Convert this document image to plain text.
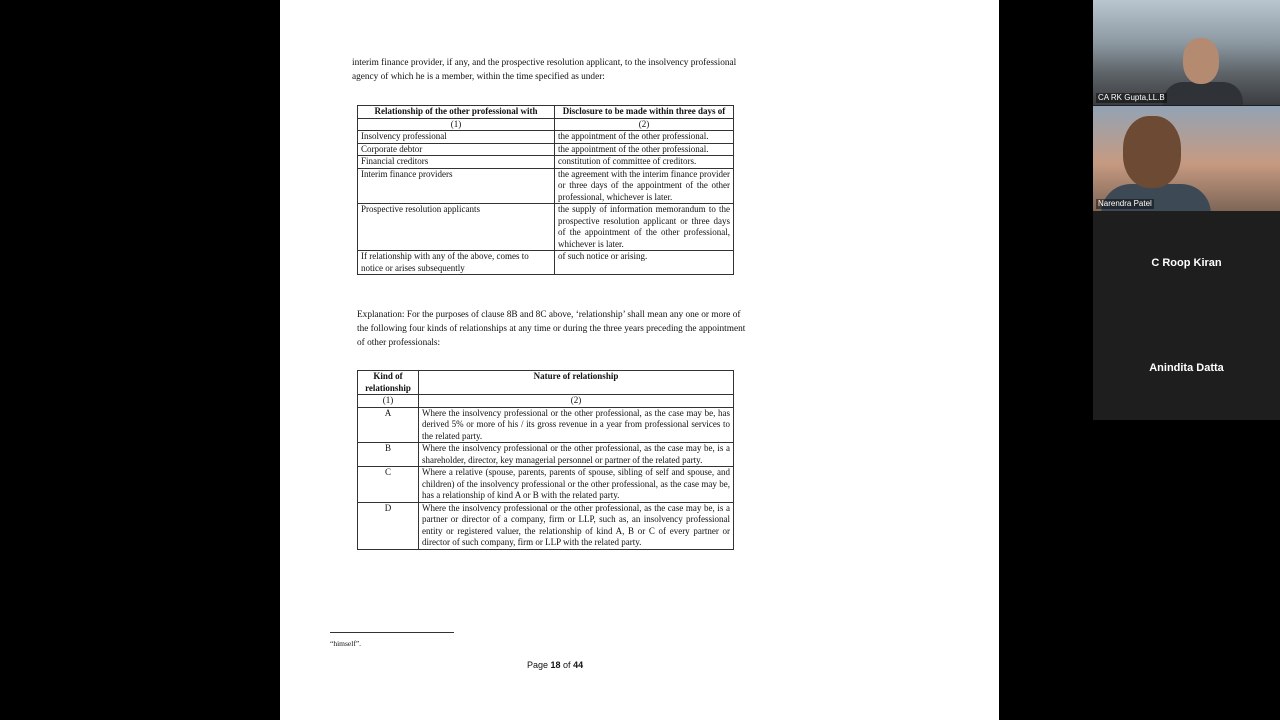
interim finance provider, if any, and the prospective resolution applicant, to the insolvency professional agency of which he is a member, within the time specified as under:
Relationship of the other professional with	Disclosure to be made within three days of
(1)	(2)
Insolvency professional	the appointment of the other professional.
Corporate debtor	the appointment of the other professional.
Financial creditors	constitution of committee of creditors.
Interim finance providers	the agreement with the interim finance provider or three days of the appointment of the other professional, whichever is later.
Prospective resolution applicants	the supply of information memorandum to the prospective resolution applicant or three days of the appointment of the other professional, whichever is later.
If relationship with any of the above, comes to notice or arises subsequently	of such notice or arising.
Explanation: For the purposes of clause 8B and 8C above, ‘relationship’ shall mean any one or more of the following four kinds of relationships at any time or during the three years preceding the appointment of other professionals:
Kind of relationship	Nature of relationship
(1)	(2)
A	Where the insolvency professional or the other professional, as the case may be, has derived 5% or more of his / its gross revenue in a year from professional services to the related party.
B	Where the insolvency professional or the other professional, as the case may be, is a shareholder, director, key managerial personnel or partner of the related party.
C	Where a relative (spouse, parents, parents of spouse, sibling of self and spouse, and children) of the insolvency professional or the other professional, as the case may be, has a relationship of kind A or B with the related party.
D	Where the insolvency professional or the other professional, as the case may be, is a partner or director of a company, firm or LLP, such as, an insolvency professional entity or registered valuer, the relationship of kind A, B or C of every partner or director of such company, firm or LLP with the related party.
“himself”.
Page 18 of 44
CA RK Gupta,LL.B
Narendra Patel
C Roop Kiran
Anindita Datta
